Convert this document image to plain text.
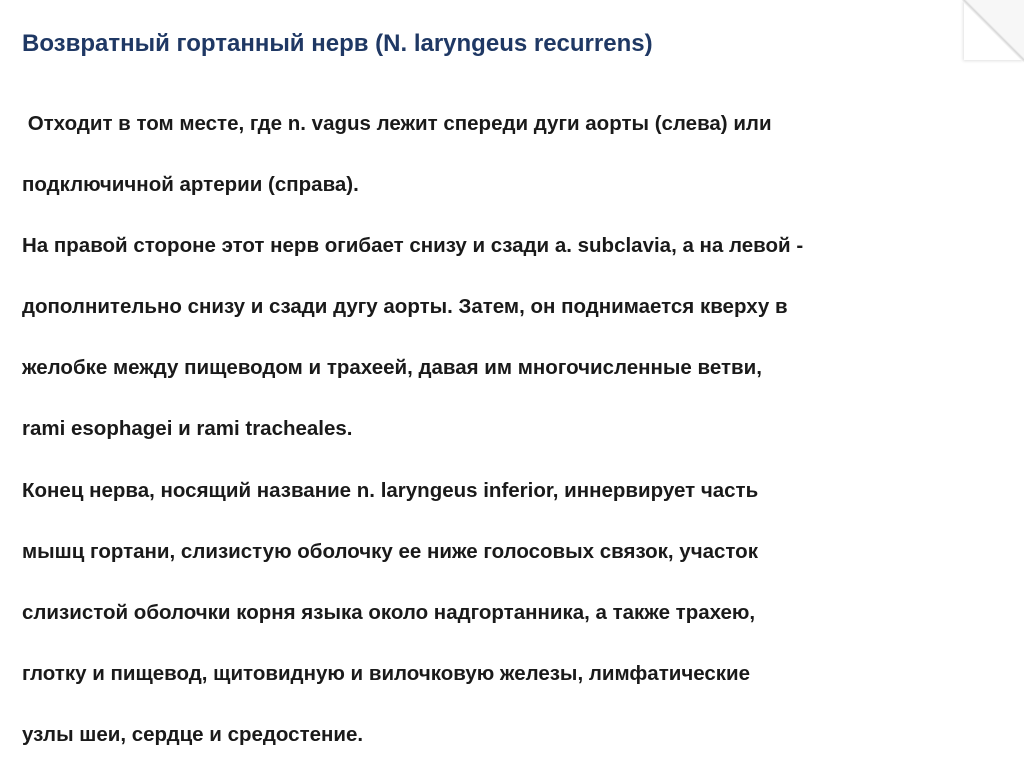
Возвратный гортанный нерв (N. laryngeus recurrens)
Отходит в том месте, где n. vagus лежит спереди дуги аорты (слева) или
подключичной артерии (справа).
На правой стороне этот нерв огибает снизу и сзади а. subclavia, а на левой -
дополнительно снизу и сзади дугу аорты. Затем, он поднимается кверху в
желобке между пищеводом и трахеей, давая им многочисленные ветви,
rami esophagei и rami tracheales.
Конец нерва, носящий название n. laryngeus inferior, иннервирует часть
мышц гортани, слизистую оболочку ее ниже голосовых связок, участок
слизистой оболочки корня языка около надгортанника, а также трахею,
глотку и пищевод, щитовидную и вилочковую железы, лимфатические
узлы шеи, сердце и средостение.
